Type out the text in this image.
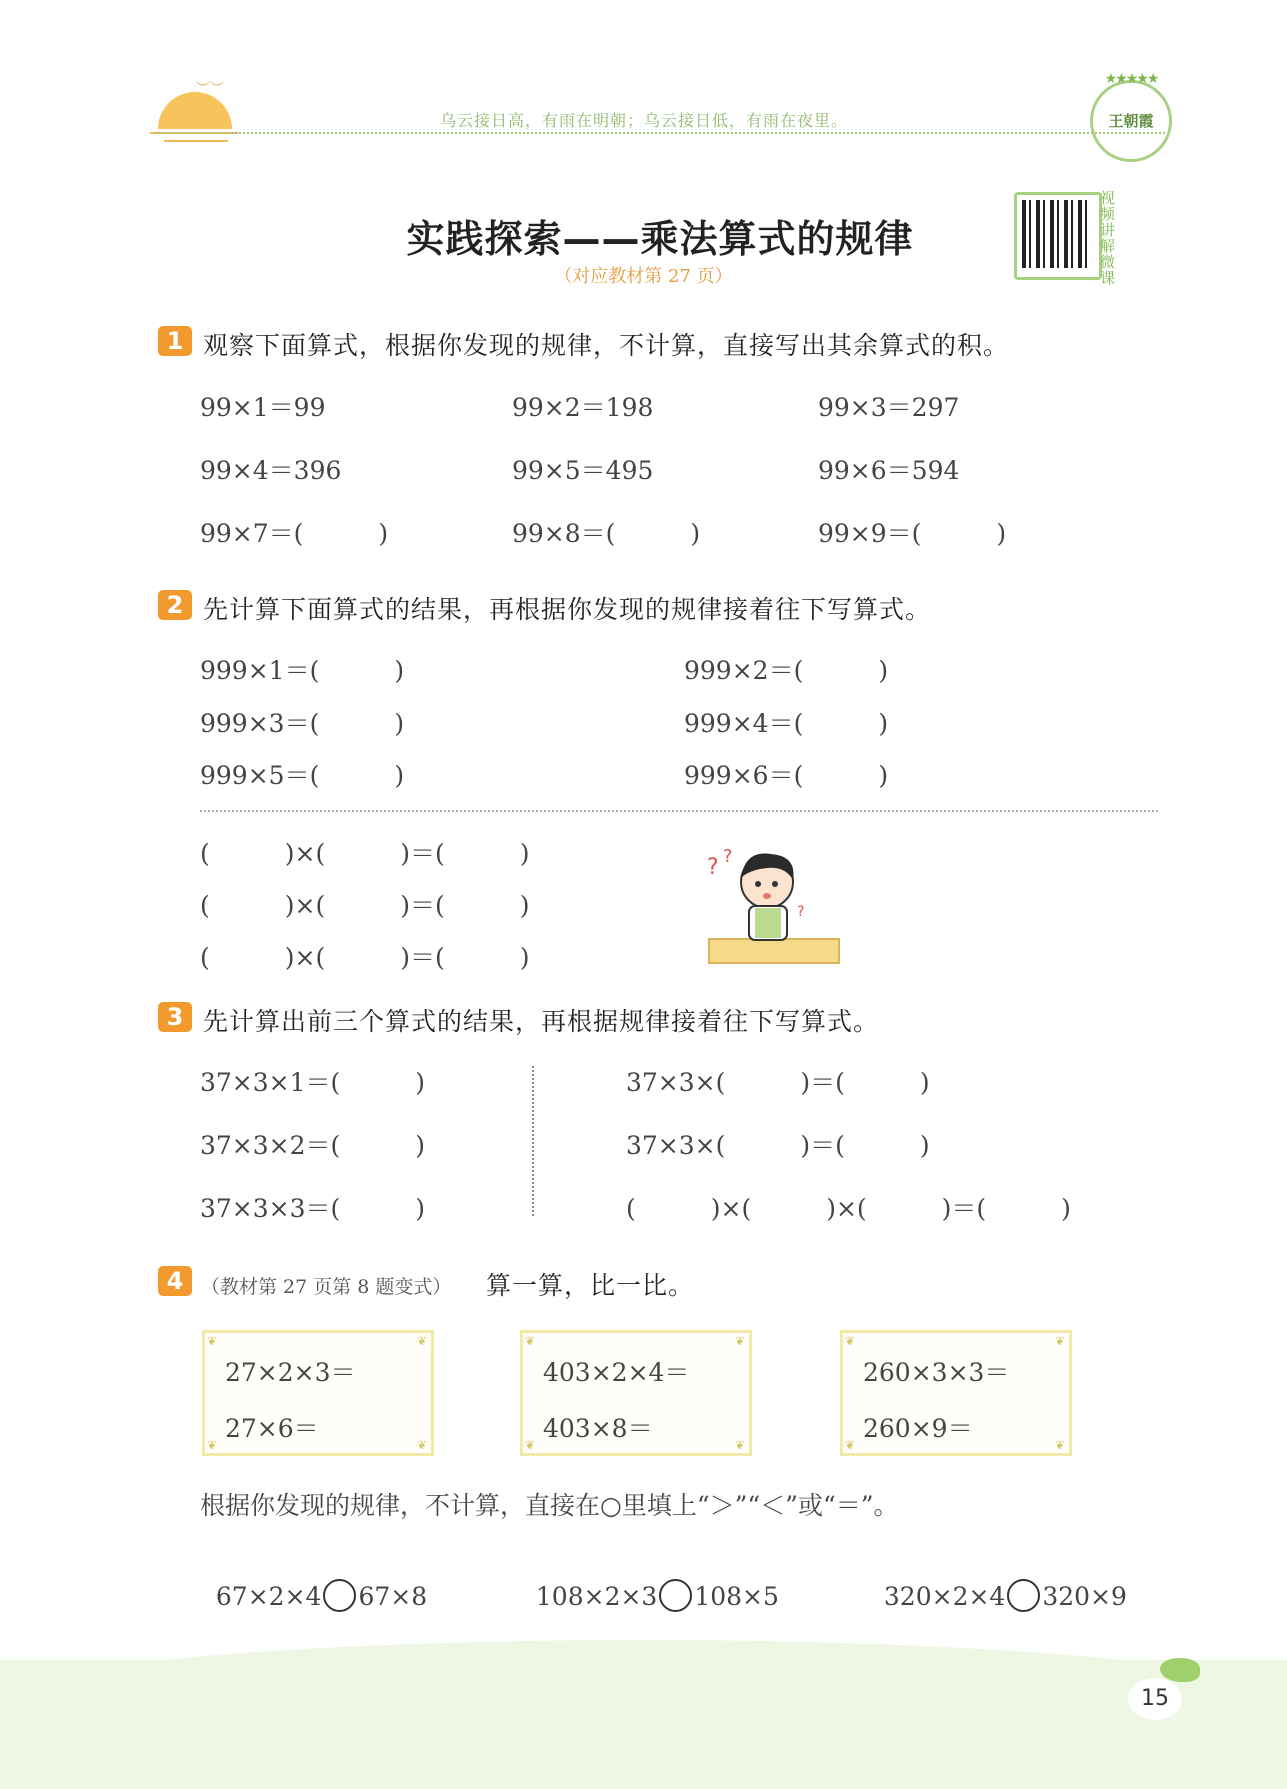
︶︶
乌云接日高，有雨在明朝；乌云接日低，有雨在夜里。
★★★★★
王朝霞
实践探索——乘法算式的规律
（对应教材第 27 页）
视频讲解微课
1 观察下面算式，根据你发现的规律，不计算，直接写出其余算式的积。
99×1＝99	99×2＝198	99×3＝297
99×4＝396	99×5＝495	99×6＝594
99×7＝(　　　)	99×8＝(　　　)	99×9＝(　　　)
2 先计算下面算式的结果，再根据你发现的规律接着往下写算式。
999×1＝(　　　)	999×2＝(　　　)
999×3＝(　　　)	999×4＝(　　　)
999×5＝(　　　)	999×6＝(　　　)
(　　　)×(　　　)＝(　　　)
(　　　)×(　　　)＝(　　　)
(　　　)×(　　　)＝(　　　)
? ?
?
3 先计算出前三个算式的结果，再根据规律接着往下写算式。
37×3×1＝(　　　)
37×3×2＝(　　　)
37×3×3＝(　　　)
37×3×(　　　)＝(　　　)
37×3×(　　　)＝(　　　)
(　　　)×(　　　)×(　　　)＝(　　　)
4 （教材第 27 页第 8 题变式） 算一算，比一比。
❦	❦
❦	❦
27×2×3＝
27×6＝
❦	❦
❦	❦
403×2×4＝
403×8＝
❦	❦
❦	❦
260×3×3＝
260×9＝
根据你发现的规律，不计算，直接在○里填上“＞”“＜”或“＝”。

67×2×4 67×8	108×2×3 108×5	320×2×4 320×9

15
